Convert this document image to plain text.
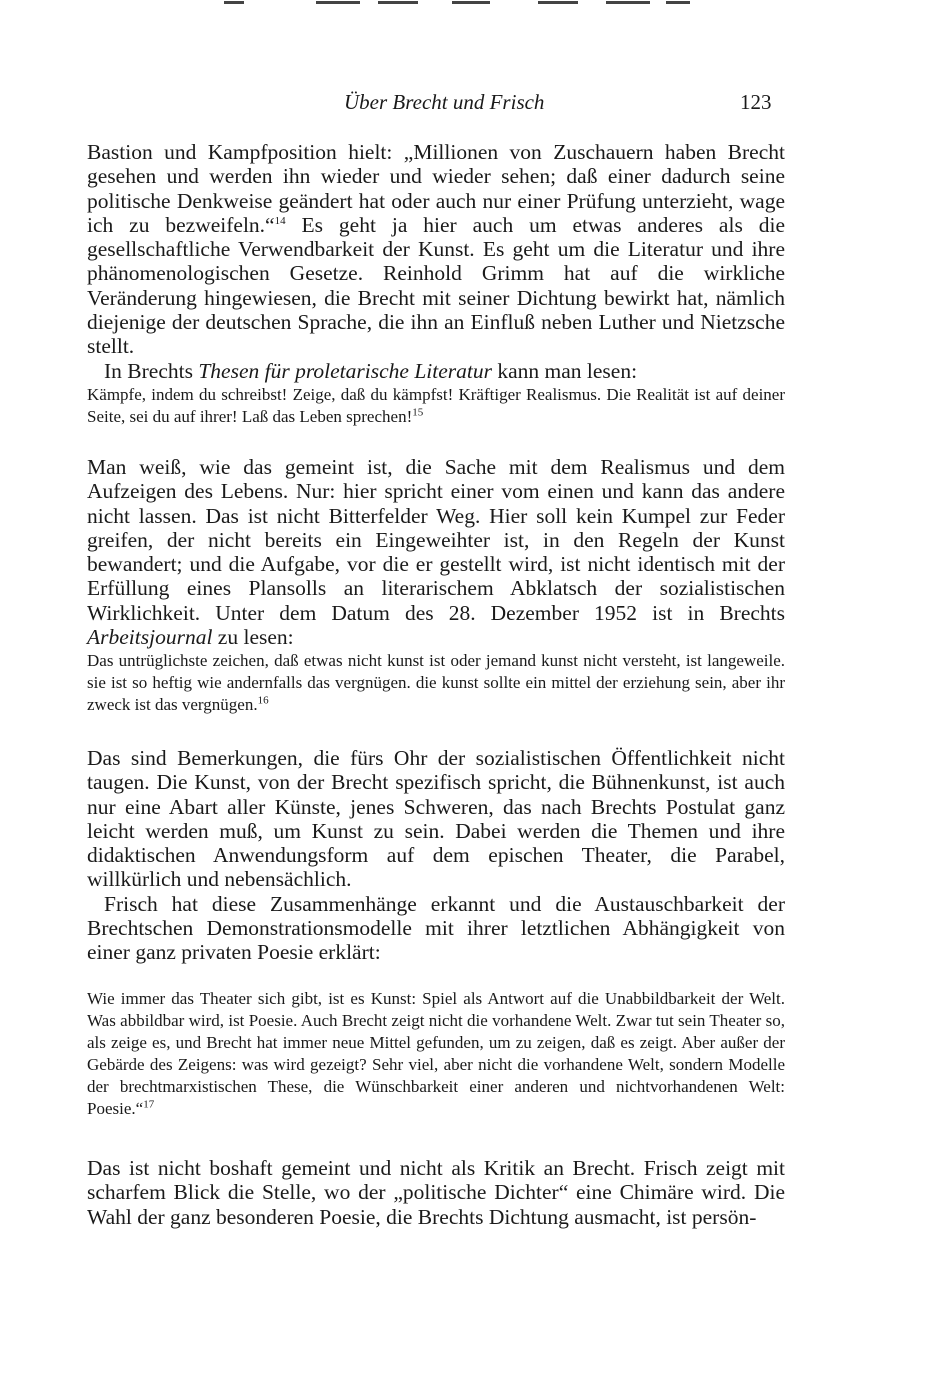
Über Brecht und Frisch	123

Bastion und Kampfposition hielt: „Millionen von Zuschauern haben Brecht gesehen und werden ihn wieder und wieder sehen; daß einer dadurch seine politische Denkweise geändert hat oder auch nur einer Prüfung unterzieht, wage ich zu bezweifeln.“$^{14}$ Es geht ja hier auch um etwas anderes als die gesellschaftliche Verwendbarkeit der Kunst. Es geht um die Literatur und ihre phänomenologischen Gesetze. Reinhold Grimm hat auf die wirkliche Veränderung hingewiesen, die Brecht mit seiner Dichtung bewirkt hat, nämlich diejenige der deutschen Sprache, die ihn an Einfluß neben Luther und Nietzsche stellt.

In Brechts Thesen für proletarische Literatur kann man lesen:

Kämpfe, indem du schreibst! Zeige, daß du kämpfst! Kräftiger Realismus. Die Realität ist auf deiner Seite, sei du auf ihrer! Laß das Leben sprechen!$^{15}$

Man weiß, wie das gemeint ist, die Sache mit dem Realismus und dem Aufzeigen des Lebens. Nur: hier spricht einer vom einen und kann das andere nicht lassen. Das ist nicht Bitterfelder Weg. Hier soll kein Kumpel zur Feder greifen, der nicht bereits ein Eingeweihter ist, in den Regeln der Kunst bewandert; und die Aufgabe, vor die er gestellt wird, ist nicht identisch mit der Erfüllung eines Plansolls an literarischem Abklatsch der sozialistischen Wirklichkeit. Unter dem Datum des 28. Dezember 1952 ist in Brechts Arbeitsjournal zu lesen:

Das untrüglichste zeichen, daß etwas nicht kunst ist oder jemand kunst nicht versteht, ist langeweile. sie ist so heftig wie andernfalls das vergnügen. die kunst sollte ein mittel der erziehung sein, aber ihr zweck ist das vergnügen.$^{16}$

Das sind Bemerkungen, die fürs Ohr der sozialistischen Öffentlichkeit nicht taugen. Die Kunst, von der Brecht spezifisch spricht, die Bühnenkunst, ist auch nur eine Abart aller Künste, jenes Schweren, das nach Brechts Postulat ganz leicht werden muß, um Kunst zu sein. Dabei werden die Themen und ihre didaktischen Anwendungsform auf dem epischen Theater, die Parabel, willkürlich und nebensächlich.

Frisch hat diese Zusammenhänge erkannt und die Austauschbarkeit der Brechtschen Demonstrationsmodelle mit ihrer letztlichen Abhängigkeit von einer ganz privaten Poesie erklärt:

Wie immer das Theater sich gibt, ist es Kunst: Spiel als Antwort auf die Unabbildbarkeit der Welt. Was abbildbar wird, ist Poesie. Auch Brecht zeigt nicht die vorhandene Welt. Zwar tut sein Theater so, als zeige es, und Brecht hat immer neue Mittel gefunden, um zu zeigen, daß es zeigt. Aber außer der Gebärde des Zeigens: was wird gezeigt? Sehr viel, aber nicht die vorhandene Welt, sondern Modelle der brechtmarxistischen These, die Wünschbarkeit einer anderen und nichtvorhandenen Welt: Poesie.“$^{17}$

Das ist nicht boshaft gemeint und nicht als Kritik an Brecht. Frisch zeigt mit scharfem Blick die Stelle, wo der „politische Dichter“ eine Chimäre wird. Die Wahl der ganz besonderen Poesie, die Brechts Dichtung ausmacht, ist persön-
